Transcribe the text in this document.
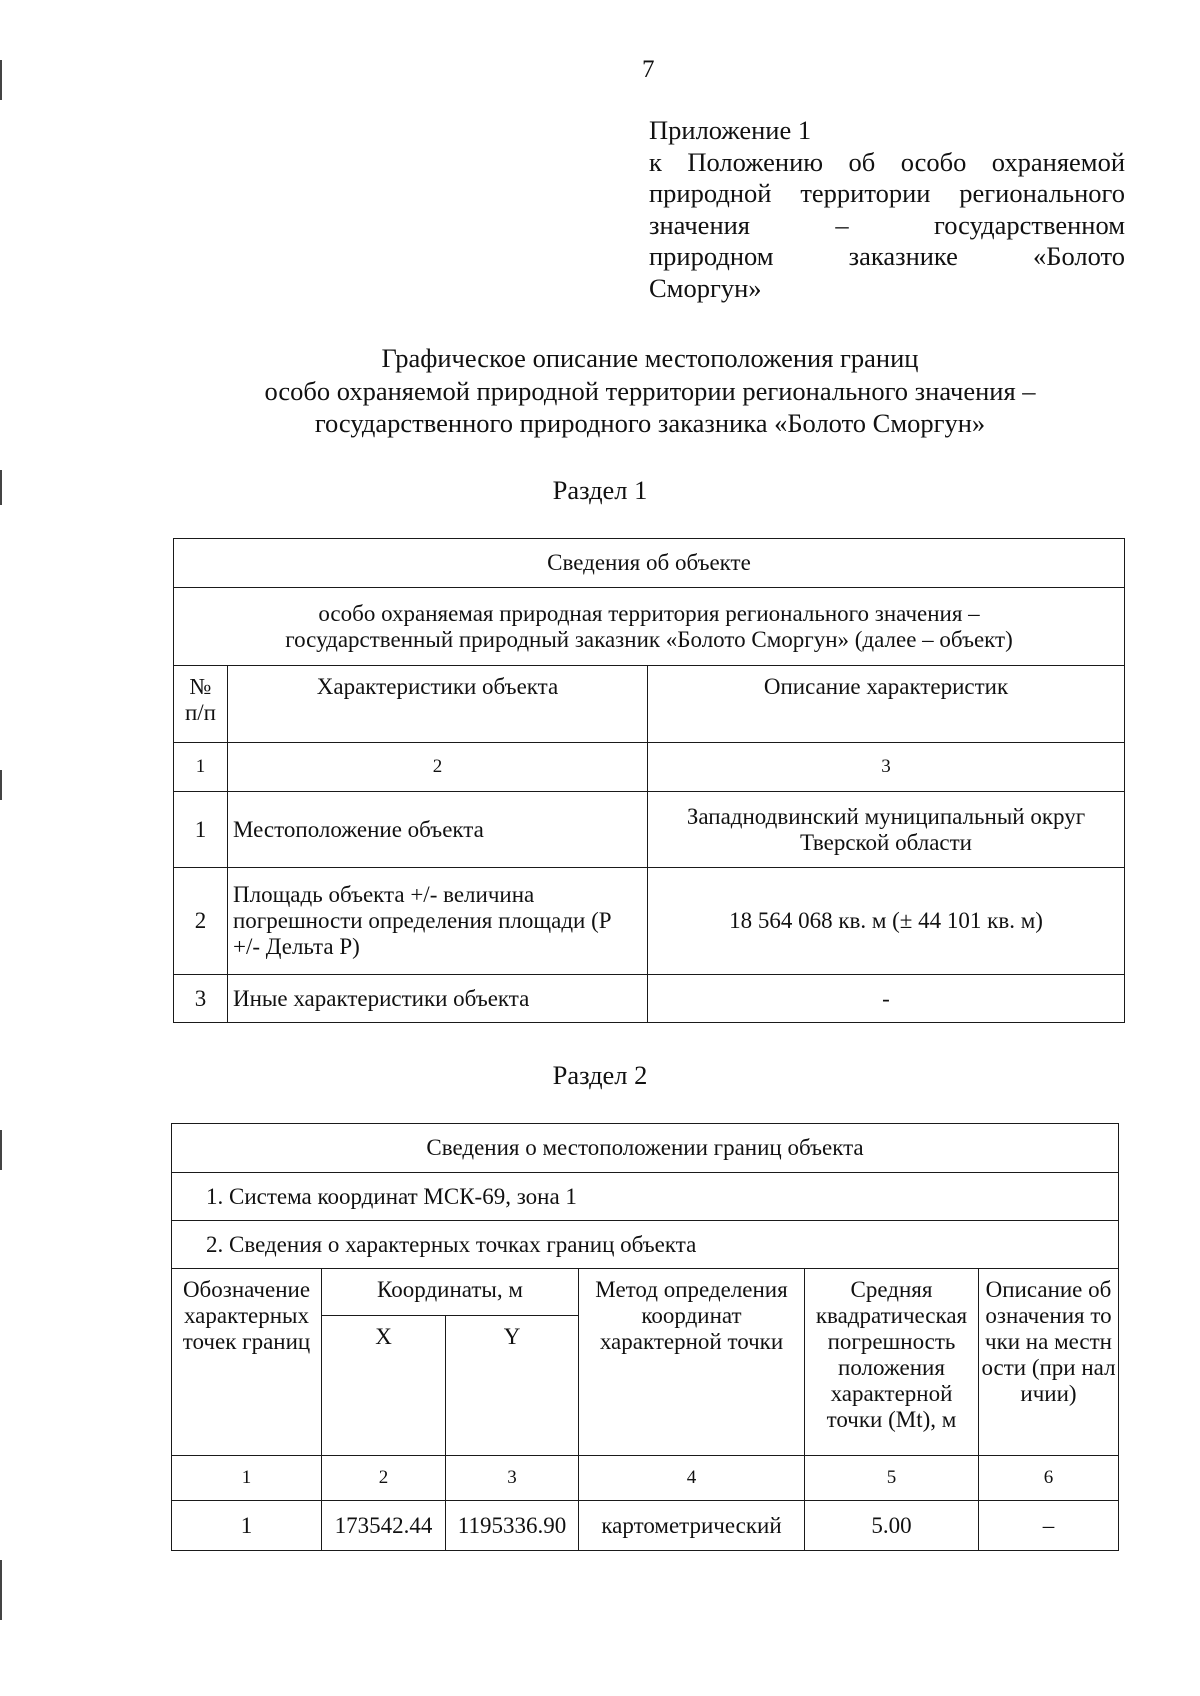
7
Приложение 1
к Положению об особо охраняемой
природной территории регионального
значения – государственном
природном заказнике «Болото
Сморгун»
Графическое описание местоположения границ
особо охраняемой природной территории регионального значения –
государственного природного заказника «Болото Сморгун»
Раздел 1
Сведения об объекте		

особо охраняемая природная территория регионального значения –
государственный природный заказник «Болото Сморгун» (далее – объект)		

№ п/п	Характеристики объекта	Описание характеристик
1	2	3
1	Местоположение объекта	Западнодвинский муниципальный округ Тверской области
2	Площадь объекта +/- величина погрешности определения площади (Р +/- Дельта Р)	18 564 068 кв. м (± 44 101 кв. м)
3	Иные характеристики объекта	-
Раздел 2
Сведения о местоположении границ объекта					
1. Система координат МСК-69, зона 1					
2. Сведения о характерных точках границ объекта					
Обозначение характерных точек границ	Координаты, м		Метод определения координат характерной точки	Средняя квадратическая погрешность положения характерной точки (Mt), м	Описание обозначения точки на местности (при наличии)
	X	Y			
1	2	3	4	5	6
1	173542.44	1195336.90	картометрический	5.00	–
